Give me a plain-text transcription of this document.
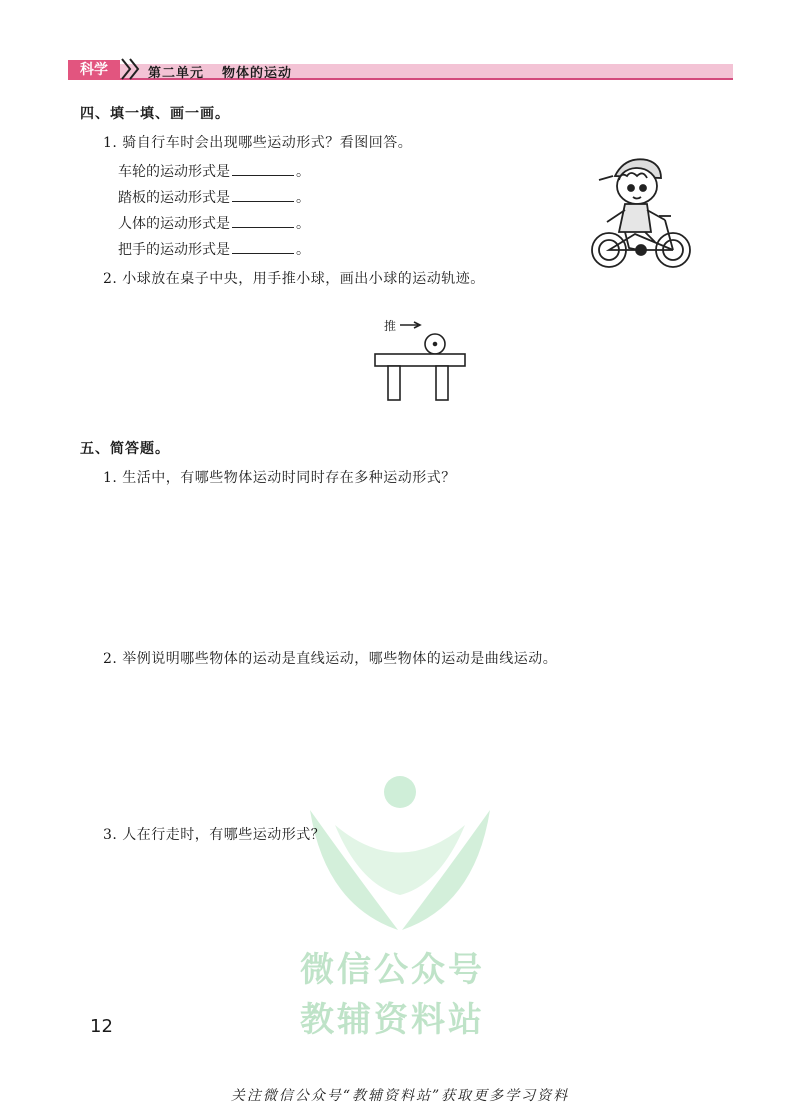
微信公众号
教辅资料站
科学	第二单元 物体的运动
四、填一填、画一画。
1. 骑自行车时会出现哪些运动形式？看图回答。
车轮的运动形式是	。
踏板的运动形式是	。
人体的运动形式是	。
把手的运动形式是	。
2. 小球放在桌子中央，用手推小球，画出小球的运动轨迹。
推
五、简答题。
1. 生活中，有哪些物体运动时同时存在多种运动形式？
2. 举例说明哪些物体的运动是直线运动，哪些物体的运动是曲线运动。
3. 人在行走时，有哪些运动形式？
12
关注微信公众号“教辅资料站”获取更多学习资料
